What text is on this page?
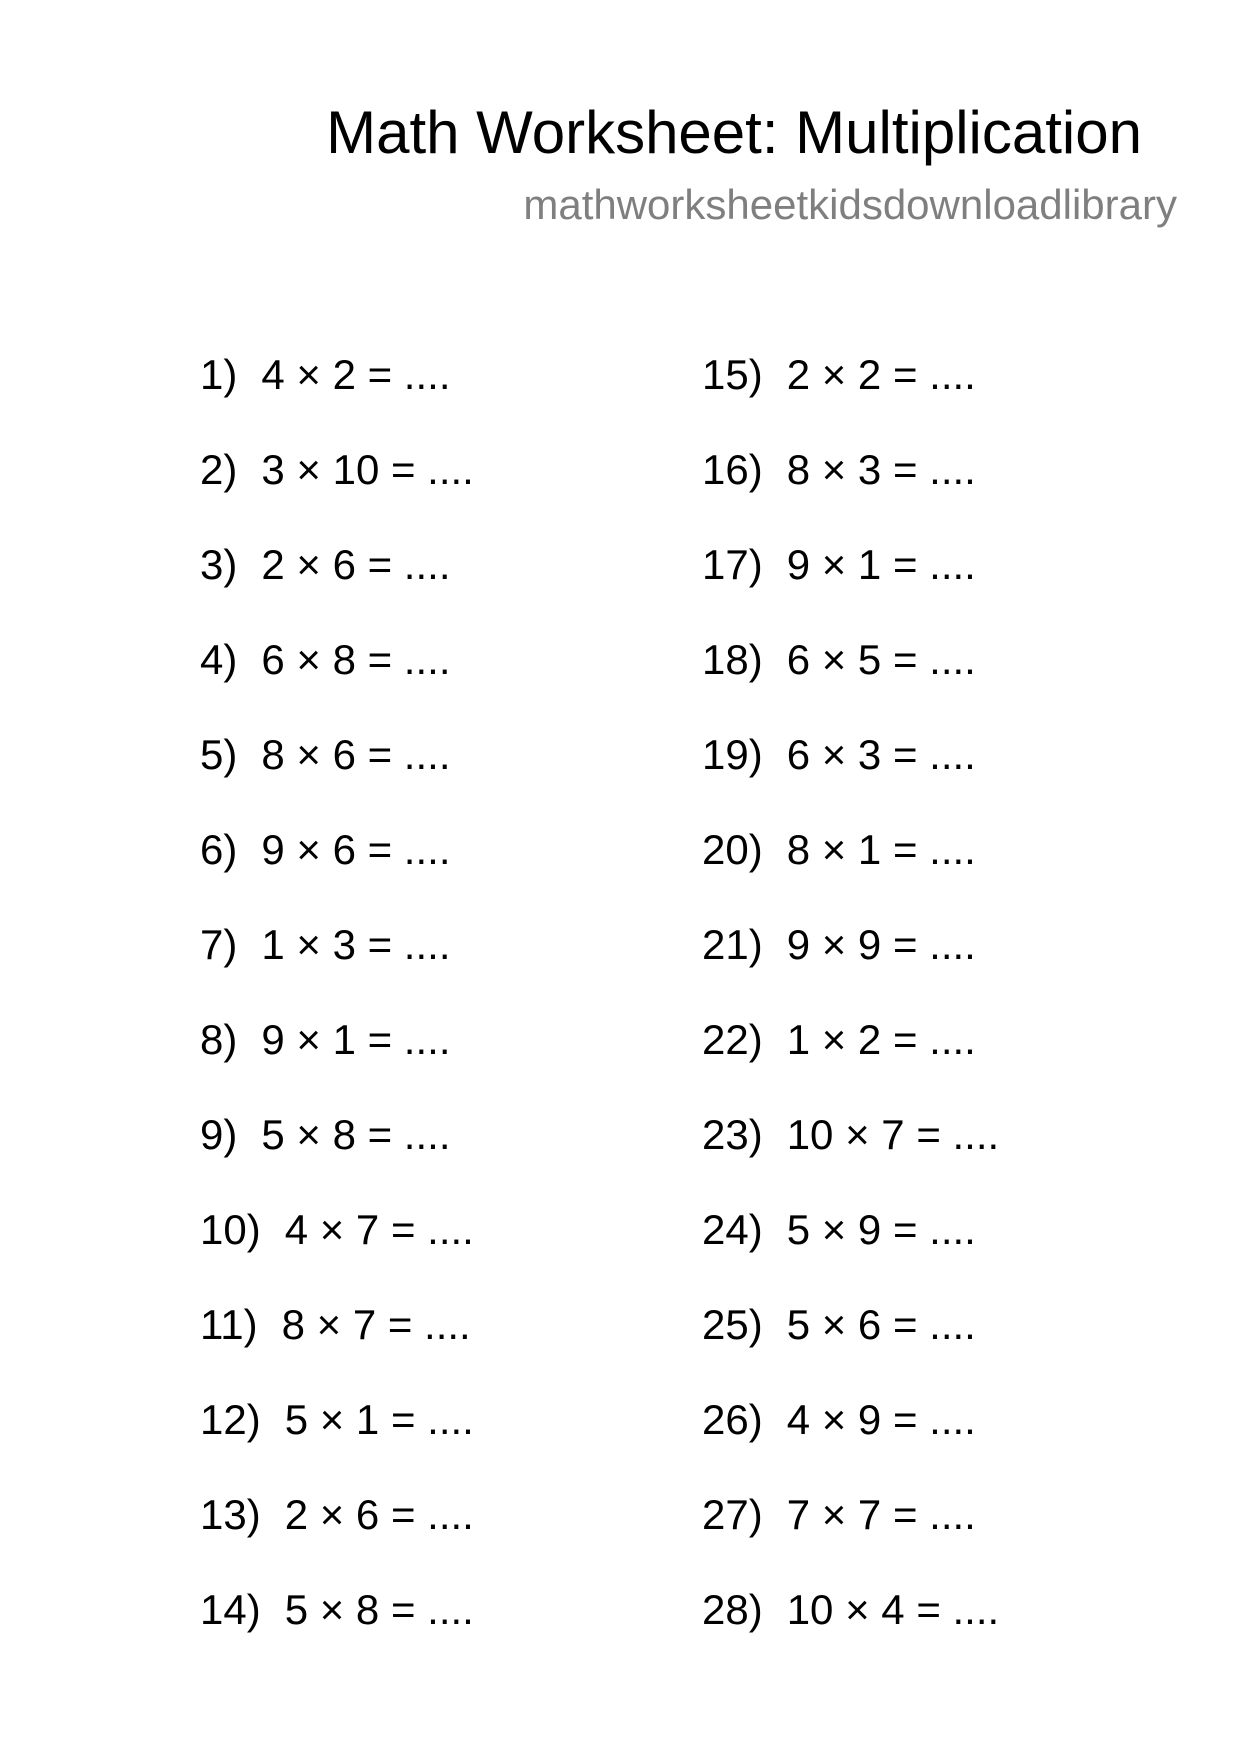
Math Worksheet: Multiplication
mathworksheetkidsdownloadlibrary
1) 4 × 2 = ....
2) 3 × 10 = ....
3) 2 × 6 = ....
4) 6 × 8 = ....
5) 8 × 6 = ....
6) 9 × 6 = ....
7) 1 × 3 = ....
8) 9 × 1 = ....
9) 5 × 8 = ....
10) 4 × 7 = ....
11) 8 × 7 = ....
12) 5 × 1 = ....
13) 2 × 6 = ....
14) 5 × 8 = ....
15) 2 × 2 = ....
16) 8 × 3 = ....
17) 9 × 1 = ....
18) 6 × 5 = ....
19) 6 × 3 = ....
20) 8 × 1 = ....
21) 9 × 9 = ....
22) 1 × 2 = ....
23) 10 × 7 = ....
24) 5 × 9 = ....
25) 5 × 6 = ....
26) 4 × 9 = ....
27) 7 × 7 = ....
28) 10 × 4 = ....
